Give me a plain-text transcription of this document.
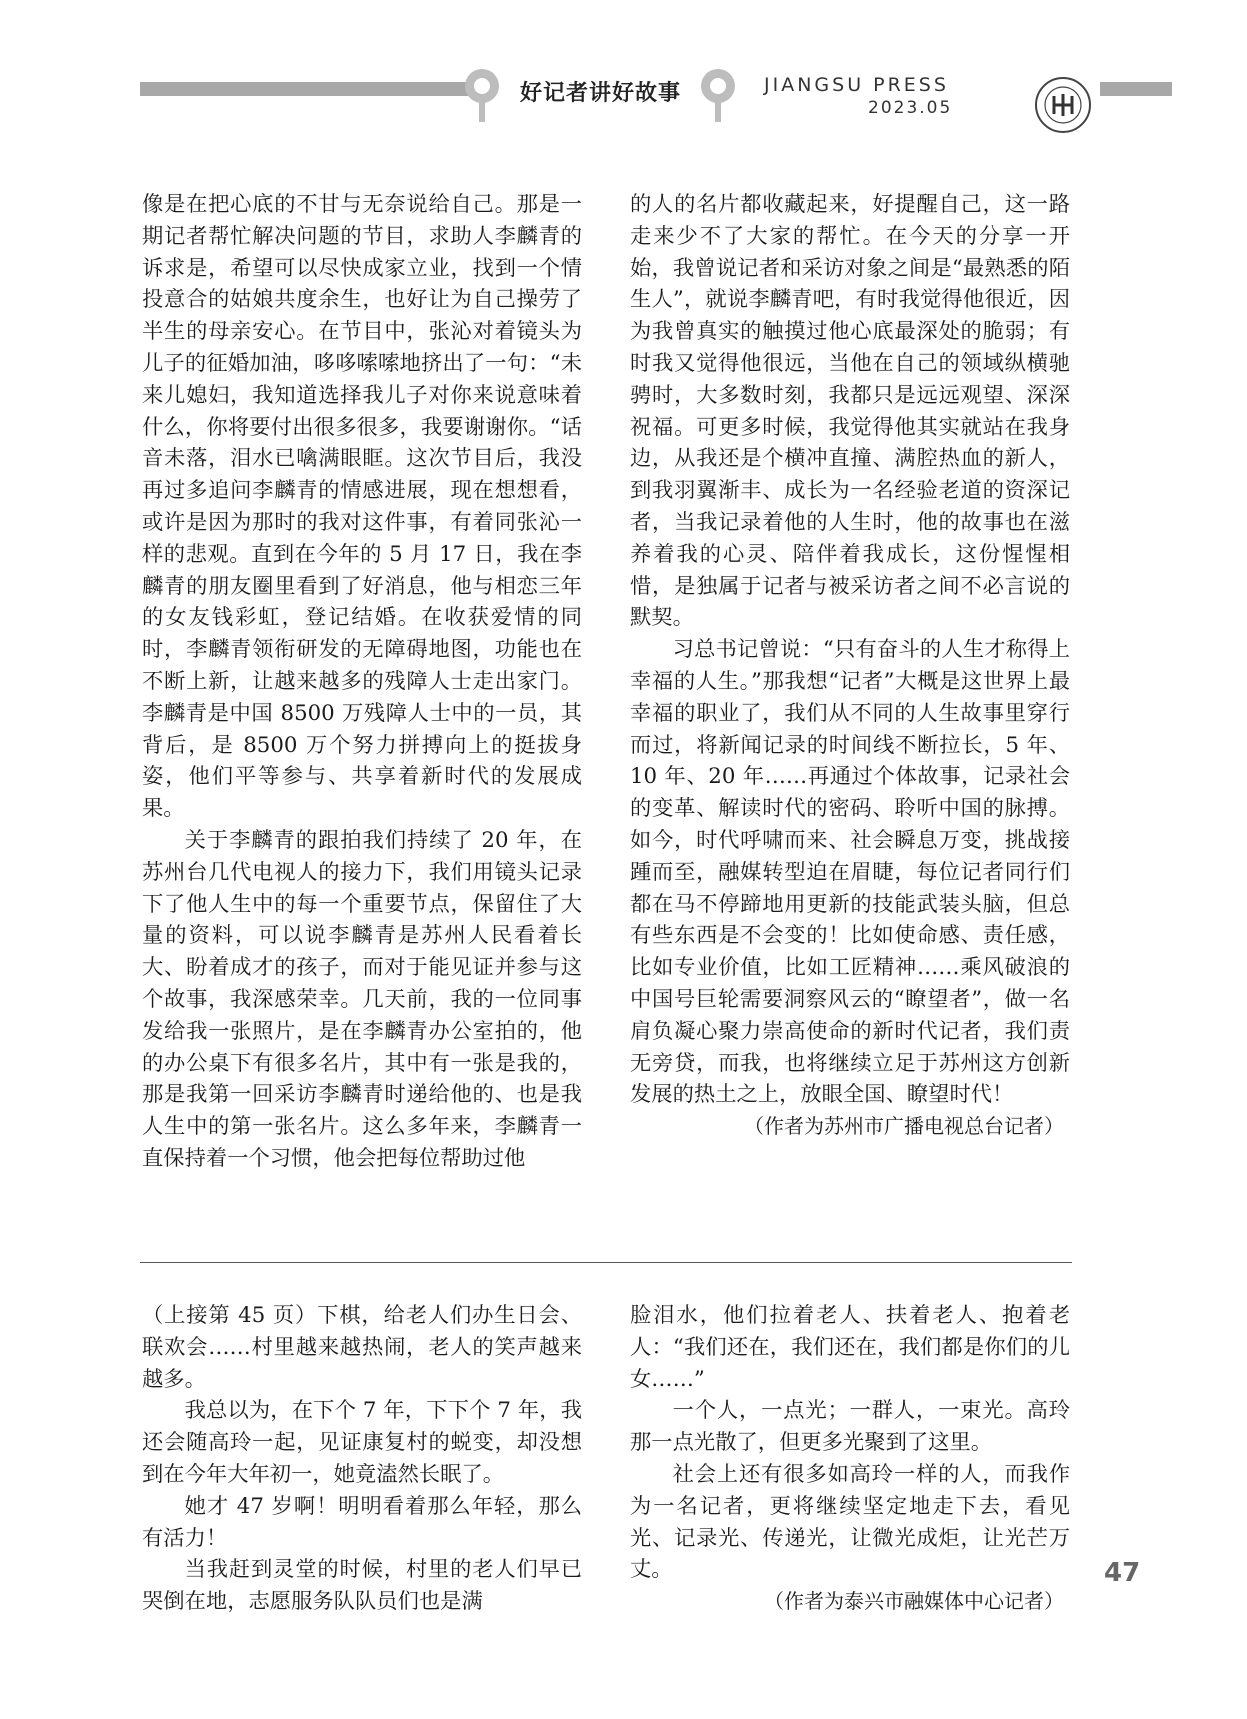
好记者讲好故事	JIANGSU PRESS
2023.05

像是在把心底的不甘与无奈说给自己。那是一期记者帮忙解决问题的节目，求助人李麟青的诉求是，希望可以尽快成家立业，找到一个情投意合的姑娘共度余生，也好让为自己操劳了半生的母亲安心。在节目中，张沁对着镜头为儿子的征婚加油，哆哆嗦嗦地挤出了一句：“未来儿媳妇，我知道选择我儿子对你来说意味着什么，你将要付出很多很多，我要谢谢你。“话音未落，泪水已噙满眼眶。这次节目后，我没再过多追问李麟青的情感进展，现在想想看，或许是因为那时的我对这件事，有着同张沁一样的悲观。直到在今年的 5 月 17 日，我在李麟青的朋友圈里看到了好消息，他与相恋三年的女友钱彩虹，登记结婚。在收获爱情的同时，李麟青领衔研发的无障碍地图，功能也在不断上新，让越来越多的残障人士走出家门。李麟青是中国 8500 万残障人士中的一员，其背后，是 8500 万个努力拼搏向上的挺拔身姿，他们平等参与、共享着新时代的发展成果。

关于李麟青的跟拍我们持续了 20 年，在苏州台几代电视人的接力下，我们用镜头记录下了他人生中的每一个重要节点，保留住了大量的资料，可以说李麟青是苏州人民看着长大、盼着成才的孩子，而对于能见证并参与这个故事，我深感荣幸。几天前，我的一位同事发给我一张照片，是在李麟青办公室拍的，他的办公桌下有很多名片，其中有一张是我的，那是我第一回采访李麟青时递给他的、也是我人生中的第一张名片。这么多年来，李麟青一直保持着一个习惯，他会把每位帮助过他

的人的名片都收藏起来，好提醒自己，这一路走来少不了大家的帮忙。在今天的分享一开始，我曾说记者和采访对象之间是“最熟悉的陌生人”，就说李麟青吧，有时我觉得他很近，因为我曾真实的触摸过他心底最深处的脆弱；有时我又觉得他很远，当他在自己的领域纵横驰骋时，大多数时刻，我都只是远远观望、深深祝福。可更多时候，我觉得他其实就站在我身边，从我还是个横冲直撞、满腔热血的新人，到我羽翼渐丰、成长为一名经验老道的资深记者，当我记录着他的人生时，他的故事也在滋养着我的心灵、陪伴着我成长，这份惺惺相惜，是独属于记者与被采访者之间不必言说的默契。

习总书记曾说：“只有奋斗的人生才称得上幸福的人生。”那我想“记者”大概是这世界上最幸福的职业了，我们从不同的人生故事里穿行而过，将新闻记录的时间线不断拉长，5 年、10 年、20 年……再通过个体故事，记录社会的变革、解读时代的密码、聆听中国的脉搏。如今，时代呼啸而来、社会瞬息万变，挑战接踵而至，融媒转型迫在眉睫，每位记者同行们都在马不停蹄地用更新的技能武装头脑，但总有些东西是不会变的！比如使命感、责任感，比如专业价值，比如工匠精神……乘风破浪的中国号巨轮需要洞察风云的“瞭望者”，做一名肩负凝心聚力崇高使命的新时代记者，我们责无旁贷，而我，也将继续立足于苏州这方创新发展的热土之上，放眼全国、瞭望时代！

（作者为苏州市广播电视总台记者）

（上接第 45 页）下棋，给老人们办生日会、联欢会……村里越来越热闹，老人的笑声越来越多。

我总以为，在下个 7 年，下下个 7 年，我还会随高玲一起，见证康复村的蜕变，却没想到在今年大年初一，她竟溘然长眠了。

她才 47 岁啊！明明看着那么年轻，那么有活力！

当我赶到灵堂的时候，村里的老人们早已哭倒在地，志愿服务队队员们也是满

脸泪水，他们拉着老人、扶着老人、抱着老人：“我们还在，我们还在，我们都是你们的儿女……”

一个人，一点光；一群人，一束光。高玲那一点光散了，但更多光聚到了这里。

社会上还有很多如高玲一样的人，而我作为一名记者，更将继续坚定地走下去，看见光、记录光、传递光，让微光成炬，让光芒万丈。

（作者为泰兴市融媒体中心记者）

47
